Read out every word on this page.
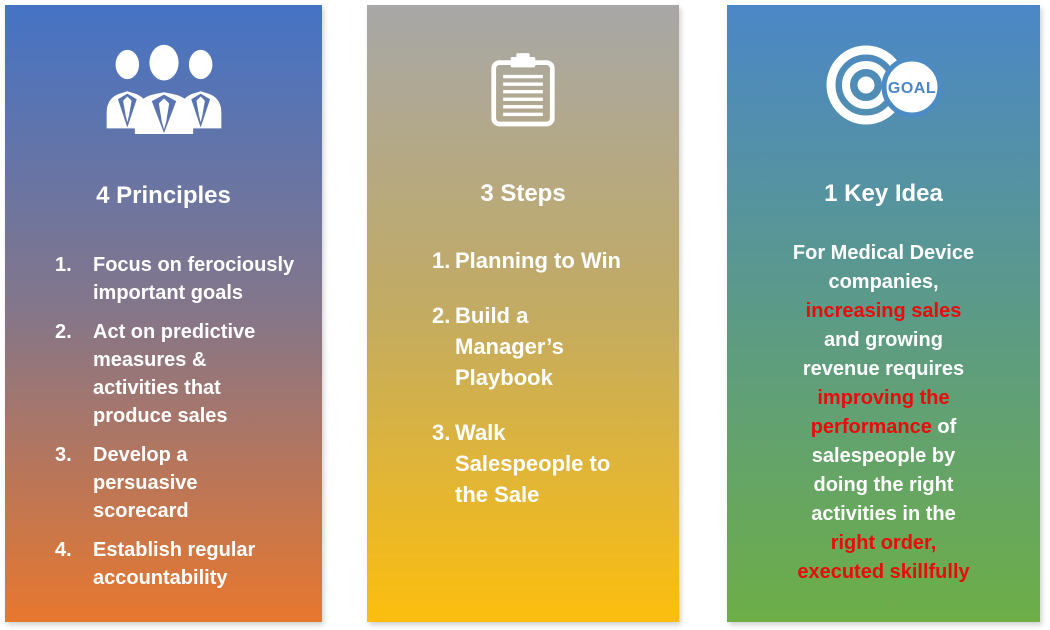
4 Principles
1.	Focus on ferociously
important goals
2.	Act on predictive
measures &
activities that
produce sales
3.	Develop a
persuasive
scorecard
4.	Establish regular
accountability
3 Steps
1. Planning to Win
2. Build a
Manager’s
Playbook
3. Walk
Salespeople to
the Sale
GOAL
1 Key Idea
For Medical Device
companies,
increasing sales
and growing
revenue requires
improving the
performance of
salespeople by
doing the right
activities in the
right order,
executed skillfully
